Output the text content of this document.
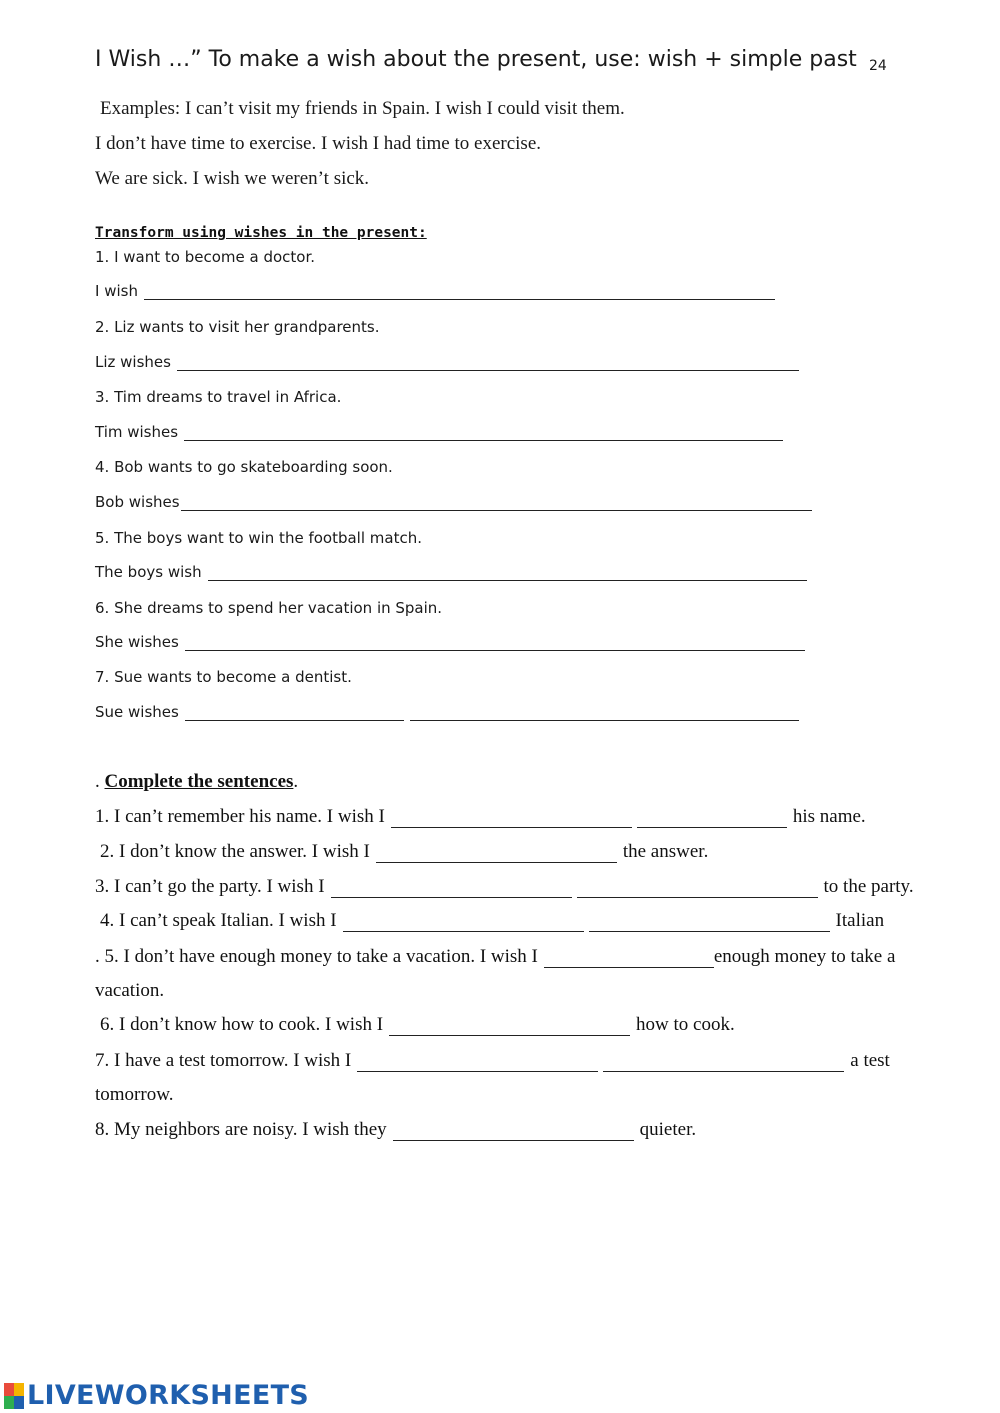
I Wish …” To make a wish about the present, use: wish + simple past 24
Examples: I can’t visit my friends in Spain. I wish I could visit them.
I don’t have time to exercise. I wish I had time to exercise.
We are sick. I wish we weren’t sick.
Transform using wishes in the present:
1. I want to become a doctor.
I wish
2. Liz wants to visit her grandparents.
Liz wishes
3. Tim dreams to travel in Africa.
Tim wishes
4. Bob wants to go skateboarding soon.
Bob wishes
5. The boys want to win the football match.
The boys wish
6. She dreams to spend her vacation in Spain.
She wishes
7. Sue wants to become a dentist.
Sue wishes
. Complete the sentences.
1. I can’t remember his name. I wish I	his name.
2. I don’t know the answer. I wish I	the answer.
3. I can’t go the party. I wish I	to the party.
4. I can’t speak Italian. I wish I	Italian
. 5. I don’t have enough money to take a vacation. I wish I	enough money to take a
vacation.
6. I don’t know how to cook. I wish I	how to cook.
7. I have a test tomorrow. I wish I	a test
tomorrow.
8. My neighbors are noisy. I wish they	quieter.
LIVEWORKSHEETS
